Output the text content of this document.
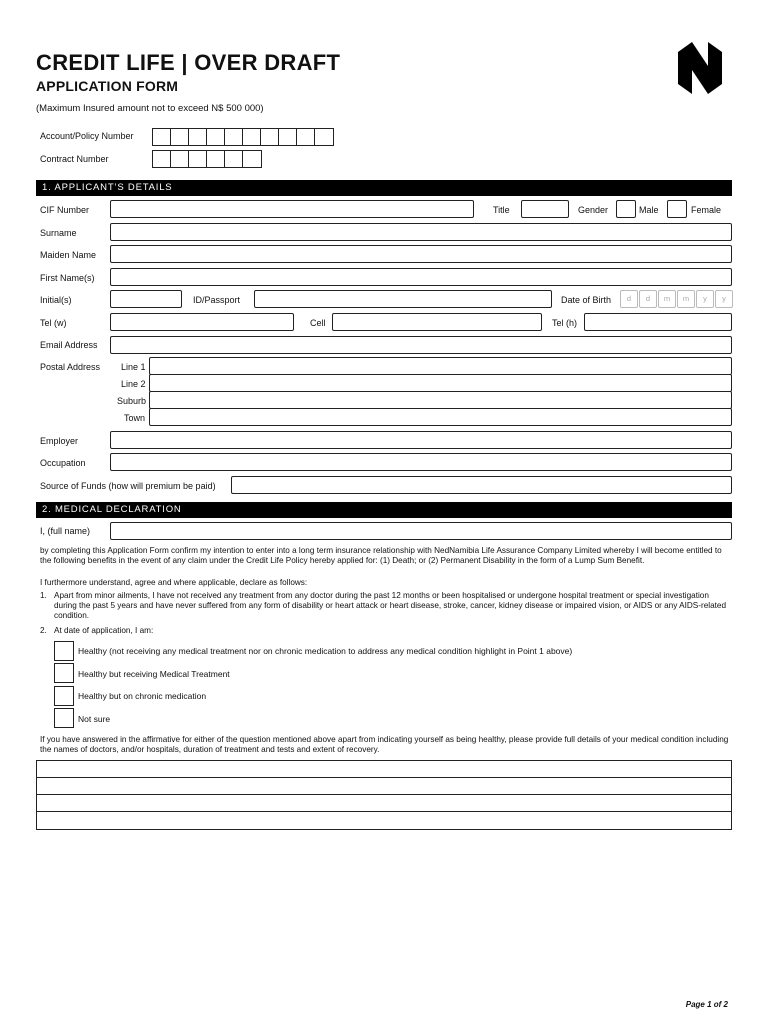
CREDIT LIFE | OVER DRAFT
APPLICATION FORM
(Maximum Insured amount not to exceed N$ 500 000)
Account/Policy Number
Contract Number
1. APPLICANT’S DETAILS
CIF Number	Title	Gender	Male	Female
Surname
Maiden Name
First Name(s)
Initial(s)	ID/Passport	Date of Birth	d	d	m	m	y	y
Tel (w)	Cell	Tel (h)
Email Address
Postal Address Line 1
Line 2
Suburb
Town
Employer
Occupation
Source of Funds (how will premium be paid)
2. MEDICAL DECLARATION
I, (full name)
by completing this Application Form confirm my intention to enter into a long term insurance relationship with NedNamibia Life Assurance Company Limited whereby I will become entitled to the following benefits in the event of any claim under the Credit Life Policy hereby applied for: (1) Death; or (2) Permanent Disability in the form of a Lump Sum Benefit.
I furthermore understand, agree and where applicable, declare as follows:
1. Apart from minor ailments, I have not received any treatment from any doctor during the past 12 months or been hospitalised or undergone hospital treatment or special investigation during the past 5 years and have never suffered from any form of disability or heart attack or heart disease, stroke, cancer, kidney disease or impaired vision, or AIDS or any AIDS-related condition.
2. At date of application, I am:
Healthy (not receiving any medical treatment nor on chronic medication to address any medical condition highlight in Point 1 above)
Healthy but receiving Medical Treatment
Healthy but on chronic medication
Not sure
If you have answered in the affirmative for either of the question mentioned above apart from indicating yourself as being healthy, please provide full details of your medical condition including the names of doctors, and/or hospitals, duration of treatment and tests and extent of recovery.
Page 1 of 2
